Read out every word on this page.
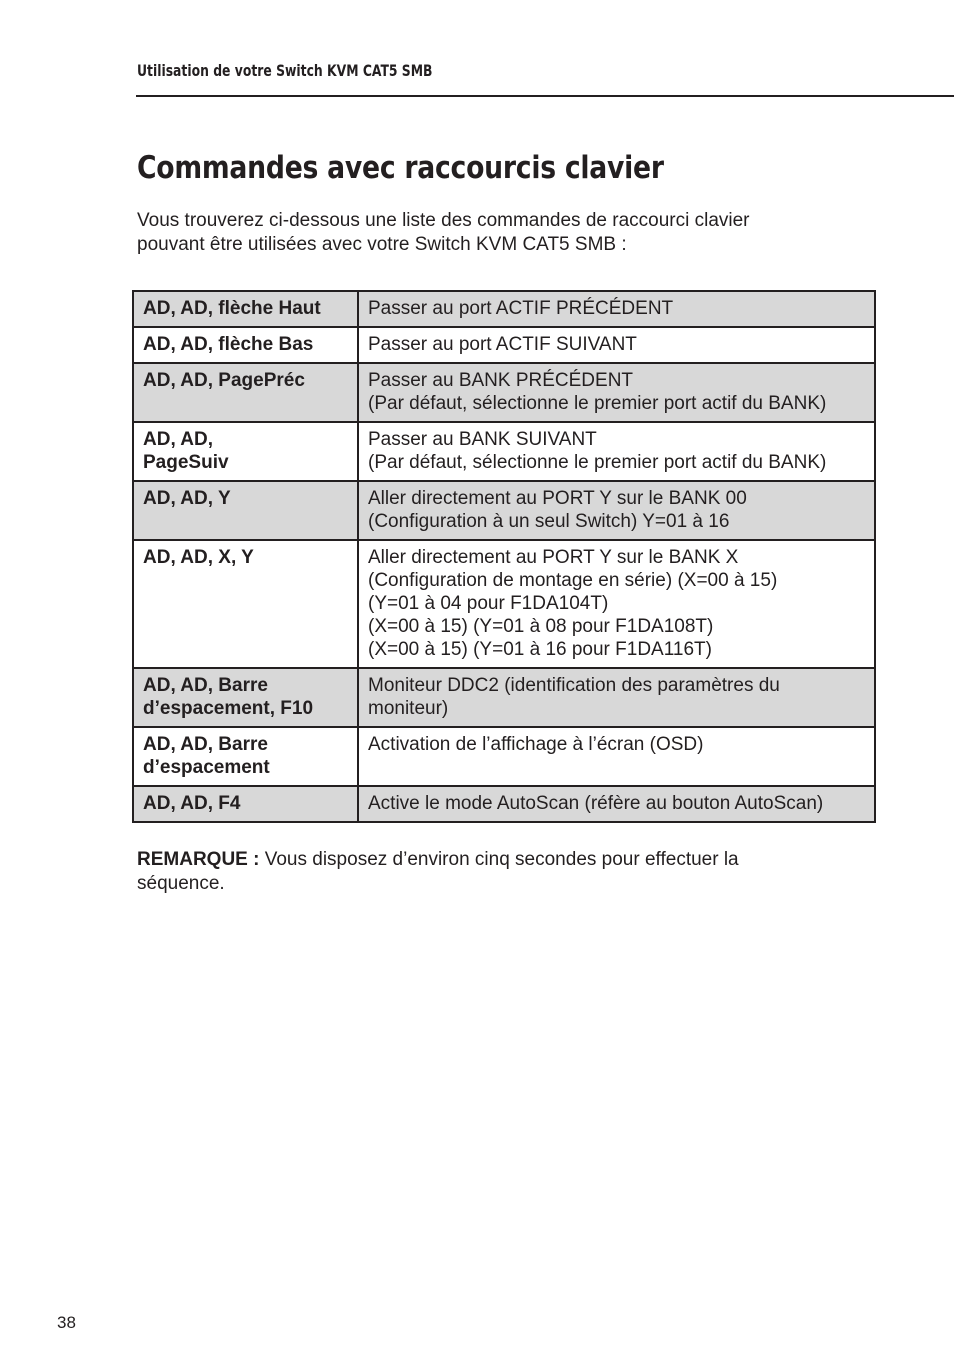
Utilisation de votre Switch KVM CAT5 SMB
Commandes avec raccourcis clavier

Vous trouverez ci-dessous une liste des commandes de raccourci clavier
pouvant être utilisées avec votre Switch KVM CAT5 SMB :

AD, AD, flèche Haut	Passer au port ACTIF PRÉCÉDENT

AD, AD, flèche Bas	Passer au port ACTIF SUIVANT

AD, AD, PagePréc	Passer au BANK PRÉCÉDENT
(Par défaut, sélectionne le premier port actif du BANK)

AD, AD,
PageSuiv	Passer au BANK SUIVANT
(Par défaut, sélectionne le premier port actif du BANK)

AD, AD, Y	Aller directement au PORT Y sur le BANK 00
(Configuration à un seul Switch) Y=01 à 16

AD, AD, X, Y	Aller directement au PORT Y sur le BANK X
(Configuration de montage en série) (X=00 à 15)
(Y=01 à 04 pour F1DA104T)
(X=00 à 15) (Y=01 à 08 pour F1DA108T)
(X=00 à 15) (Y=01 à 16 pour F1DA116T)

AD, AD, Barre
d’espacement, F10	Moniteur DDC2 (identification des paramètres du
moniteur)

AD, AD, Barre
d’espacement	Activation de l’affichage à l’écran (OSD)

AD, AD, F4	Active le mode AutoScan (réfère au bouton AutoScan)

REMARQUE : Vous disposez d’environ cinq secondes pour effectuer la
séquence.

38
